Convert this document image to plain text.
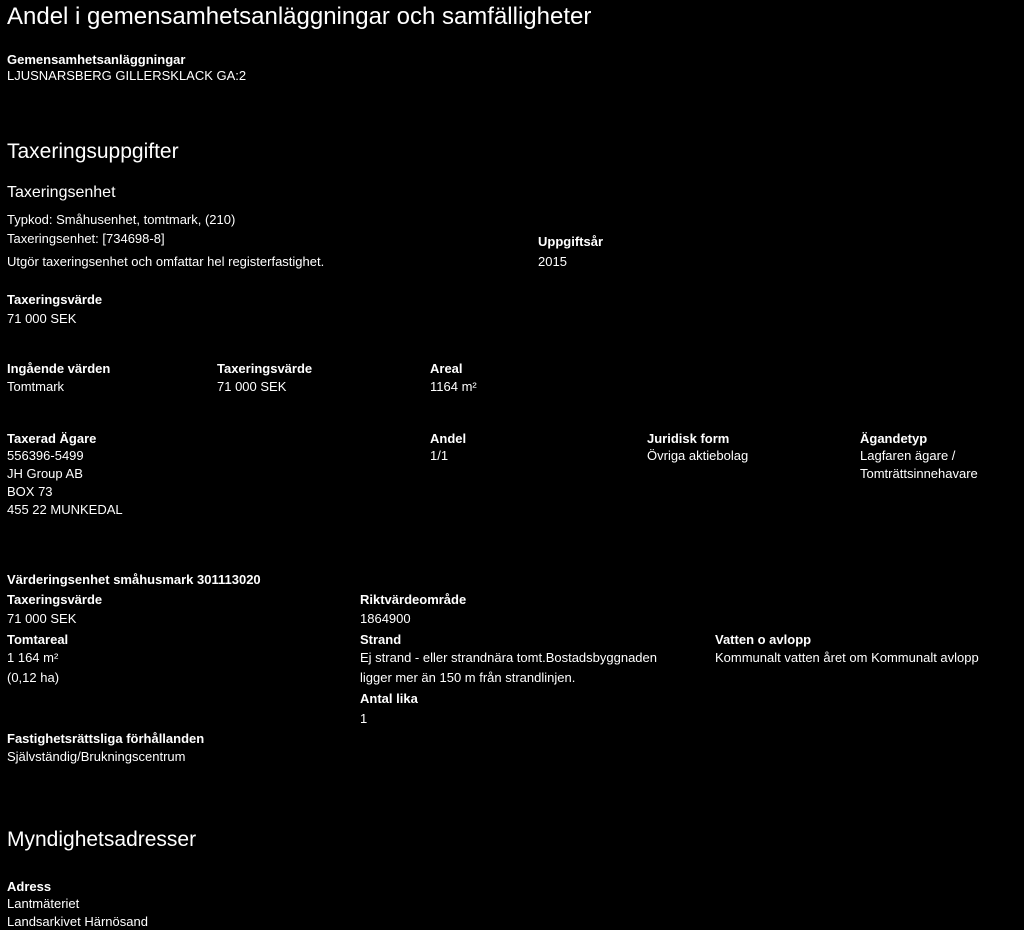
Andel i gemensamhetsanläggningar och samfälligheter
Gemensamhetsanläggningar
LJUSNARSBERG GILLERSKLACK GA:2
Taxeringsuppgifter
Taxeringsenhet
Typkod: Småhusenhet, tomtmark, (210)
Taxeringsenhet: [734698-8]
Utgör taxeringsenhet och omfattar hel registerfastighet.
Uppgiftsår
2015
Taxeringsvärde
71 000 SEK
Ingående värden
Tomtmark
Taxeringsvärde
71 000 SEK
Areal
1164 m²
Taxerad Ägare
556396-5499
JH Group AB
BOX 73
455 22 MUNKEDAL
Andel
1/1
Juridisk form
Övriga aktiebolag
Ägandetyp
Lagfaren ägare /
Tomträttsinnehavare
Värderingsenhet småhusmark 301113020
Taxeringsvärde
71 000 SEK
Tomtareal
1 164 m²
(0,12 ha)
Riktvärdeområde
1864900
Strand
Ej strand - eller strandnära tomt.Bostadsbyggnaden
ligger mer än 150 m från strandlinjen.
Antal lika
1
Vatten o avlopp
Kommunalt vatten året om Kommunalt avlopp
Fastighetsrättsliga förhållanden
Självständig/Brukningscentrum
Myndighetsadresser
Adress
Lantmäteriet
Landsarkivet Härnösand
